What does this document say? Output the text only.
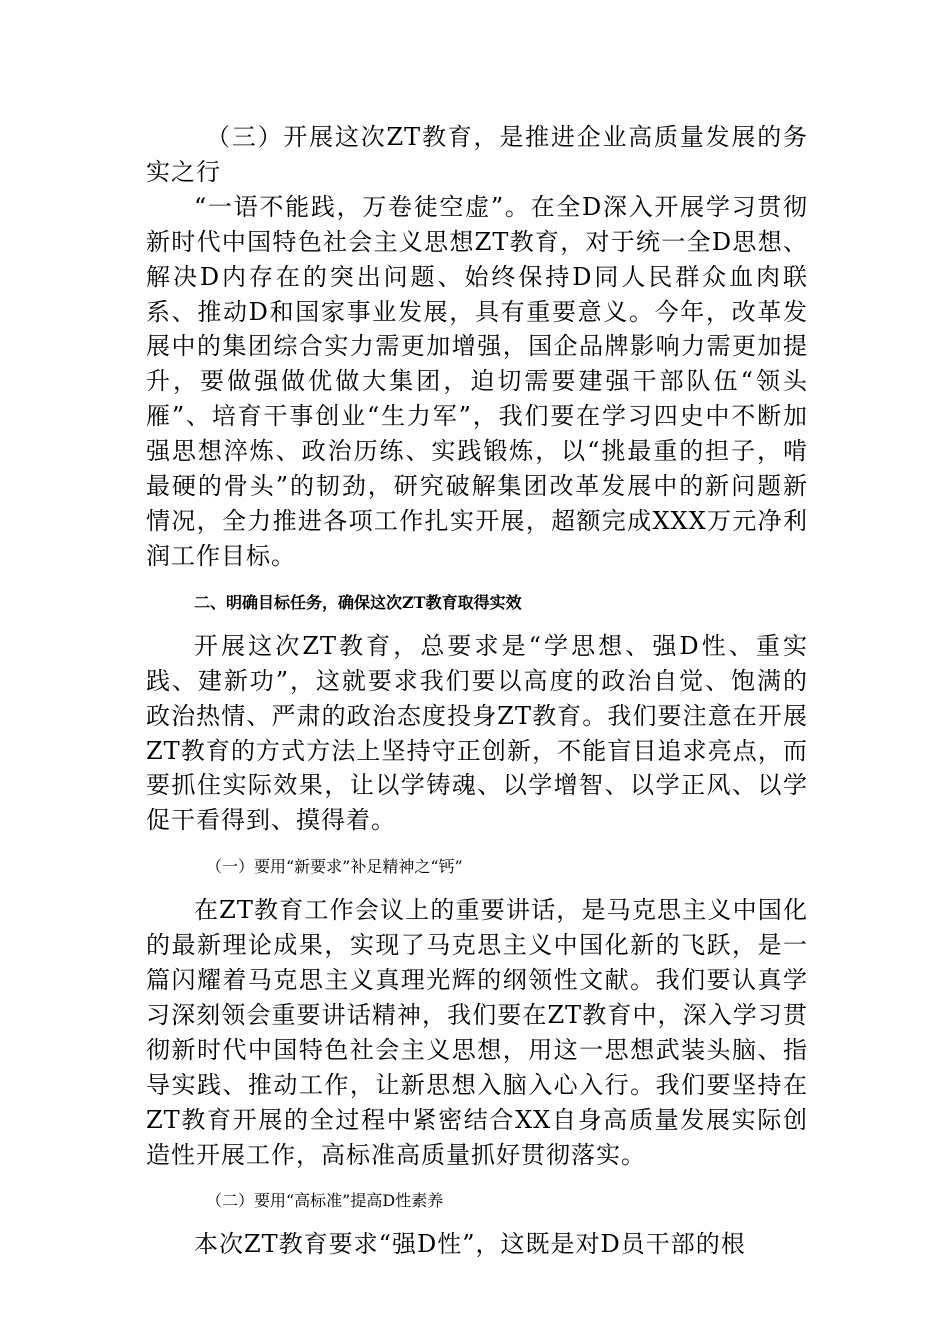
（三）开展这次ZT教育，是推进企业高质量发展的务实之行

“一语不能践，万卷徒空虚”。在全D深入开展学习贯彻新时代中国特色社会主义思想ZT教育，对于统一全D思想、解决D内存在的突出问题、始终保持D同人民群众血肉联系、推动D和国家事业发展，具有重要意义。今年，改革发展中的集团综合实力需更加增强，国企品牌影响力需更加提升，要做强做优做大集团，迫切需要建强干部队伍“领头雁”、培育干事创业“生力军”，我们要在学习四史中不断加强思想淬炼、政治历练、实践锻炼，以“挑最重的担子，啃最硬的骨头”的韧劲，研究破解集团改革发展中的新问题新情况，全力推进各项工作扎实开展，超额完成XXX万元净利润工作目标。

二、明确目标任务，确保这次ZT教育取得实效

开展这次ZT教育，总要求是“学思想、强D性、重实践、建新功”，这就要求我们要以高度的政治自觉、饱满的政治热情、严肃的政治态度投身ZT教育。我们要注意在开展ZT教育的方式方法上坚持守正创新，不能盲目追求亮点，而要抓住实际效果，让以学铸魂、以学增智、以学正风、以学促干看得到、摸得着。

（一）要用“新要求”补足精神之“钙”

在ZT教育工作会议上的重要讲话，是马克思主义中国化的最新理论成果，实现了马克思主义中国化新的飞跃，是一篇闪耀着马克思主义真理光辉的纲领性文献。我们要认真学习深刻领会重要讲话精神，我们要在ZT教育中，深入学习贯彻新时代中国特色社会主义思想，用这一思想武装头脑、指导实践、推动工作，让新思想入脑入心入行。我们要坚持在ZT教育开展的全过程中紧密结合XX自身高质量发展实际创造性开展工作，高标准高质量抓好贯彻落实。

（二）要用“高标准”提高D性素养

本次ZT教育要求“强D性”，这既是对D员干部的根
